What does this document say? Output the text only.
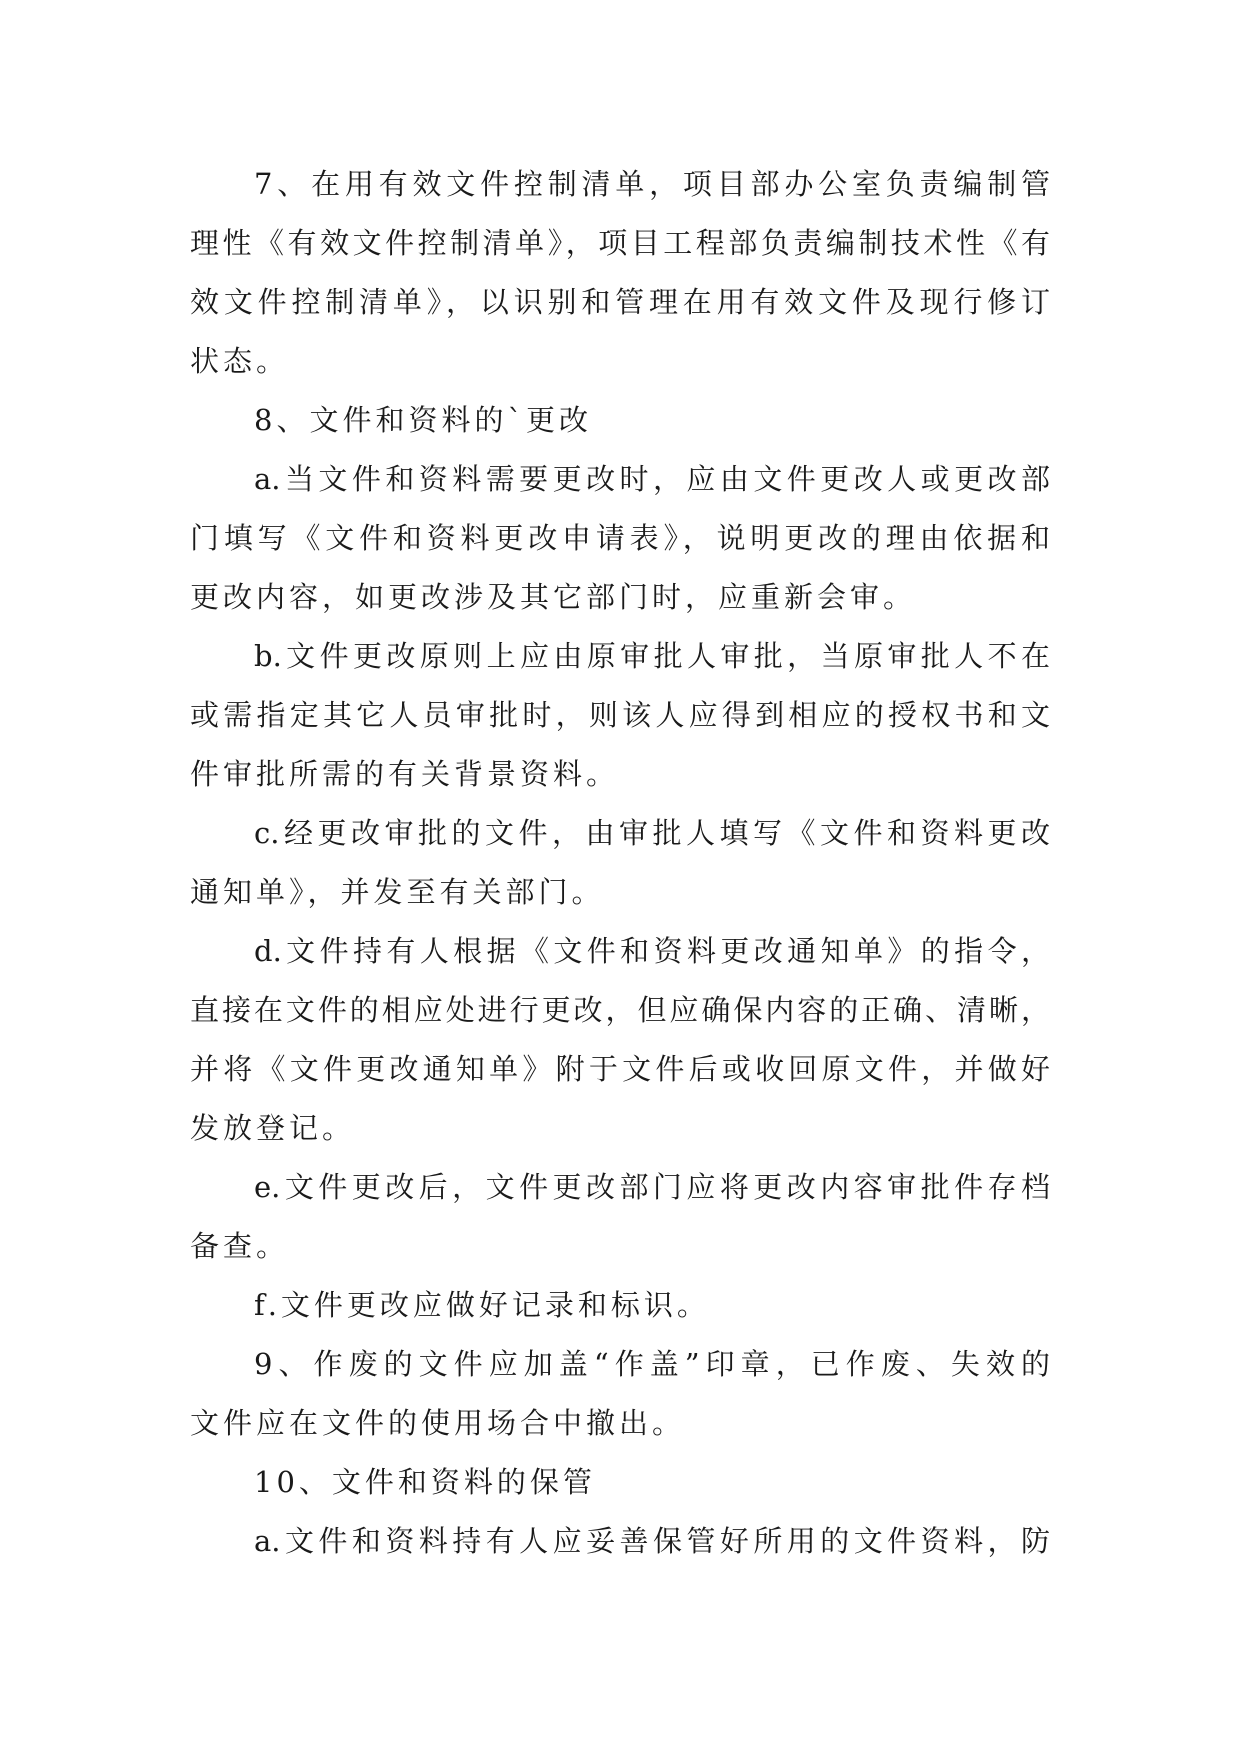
7、在用有效文件控制清单，项目部办公室负责编制管
理性《有效文件控制清单》，项目工程部负责编制技术性《有
效文件控制清单》，以识别和管理在用有效文件及现行修订
状态。
8、文件和资料的`更改
a.当文件和资料需要更改时，应由文件更改人或更改部
门填写《文件和资料更改申请表》，说明更改的理由依据和
更改内容，如更改涉及其它部门时，应重新会审。
b.文件更改原则上应由原审批人审批，当原审批人不在
或需指定其它人员审批时，则该人应得到相应的授权书和文
件审批所需的有关背景资料。
c.经更改审批的文件，由审批人填写《文件和资料更改
通知单》，并发至有关部门。
d.文件持有人根据《文件和资料更改通知单》的指令，
直接在文件的相应处进行更改，但应确保内容的正确、清晰，
并将《文件更改通知单》附于文件后或收回原文件，并做好
发放登记。
e.文件更改后，文件更改部门应将更改内容审批件存档
备查。
f.文件更改应做好记录和标识。
9、作废的文件应加盖“作盖”印章，已作废、失效的
文件应在文件的使用场合中撤出。
10、文件和资料的保管
a.文件和资料持有人应妥善保管好所用的文件资料，防
